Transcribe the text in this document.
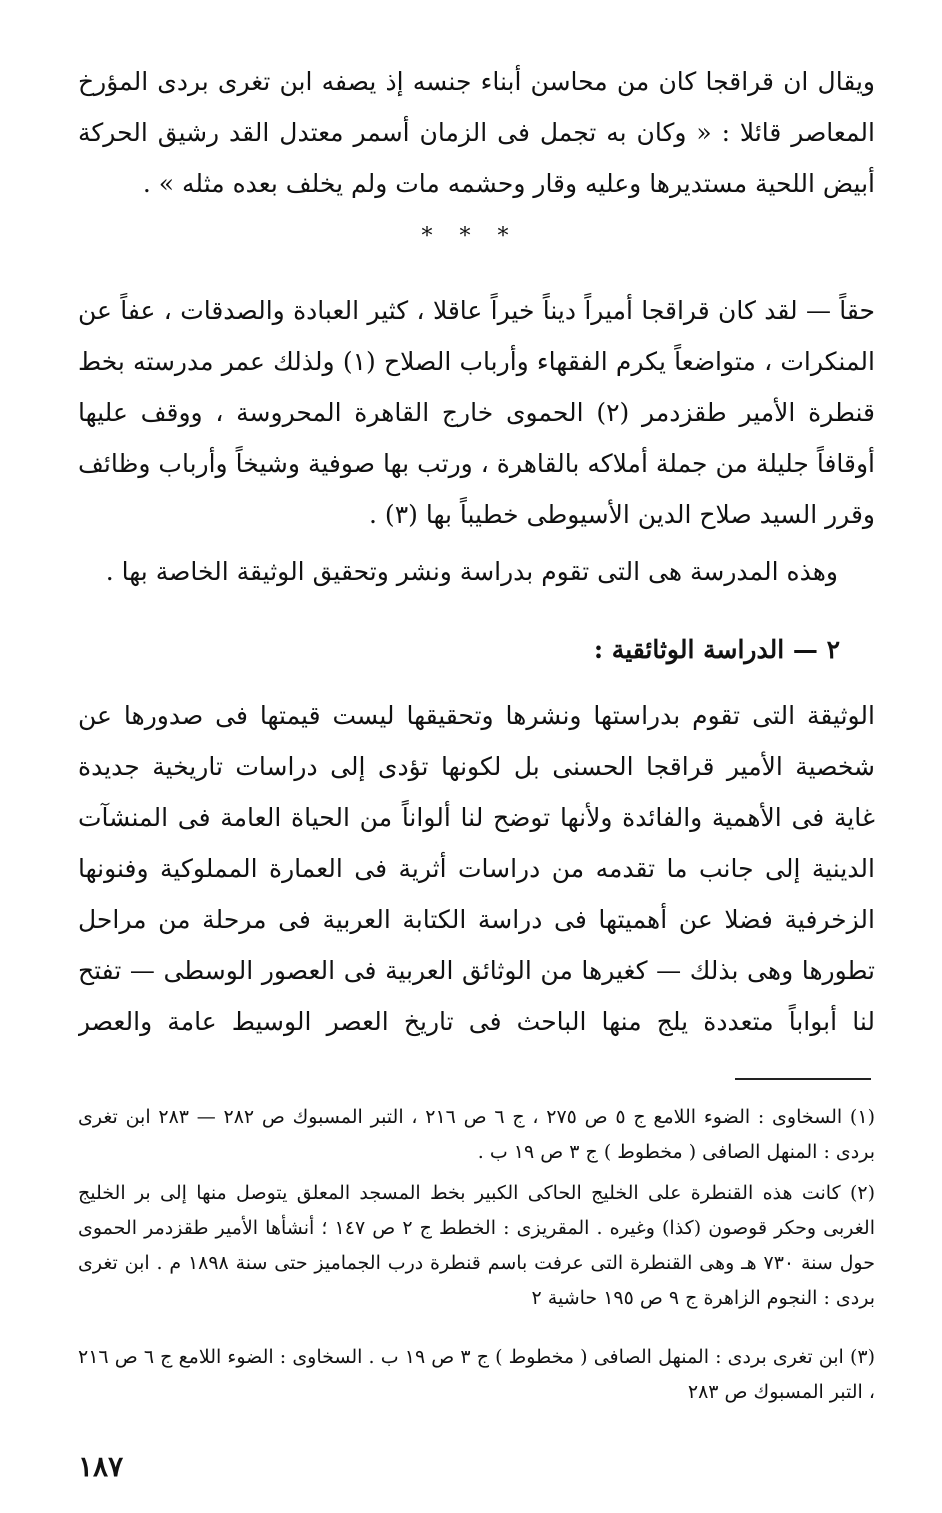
ويقال ان قراقجا كان من محاسن أبناء جنسه إذ يصفه ابن تغرى بردى المؤرخ المعاصر قائلا : « وكان به تجمل فى الزمان أسمر معتدل القد رشيق الحركة أبيض اللحية مستديرها وعليه وقار وحشمه مات ولم يخلف بعده مثله » .

* * *

حقاً — لقد كان قراقجا أميراً ديناً خيراً عاقلا ، كثير العبادة والصدقات ، عفاً عن المنكرات ، متواضعاً يكرم الفقهاء وأرباب الصلاح (١) ولذلك عمر مدرسته بخط قنطرة الأمير طقزدمر (٢) الحموى خارج القاهرة المحروسة ، ووقف عليها أوقافاً جليلة من جملة أملاكه بالقاهرة ، ورتب بها صوفية وشيخاً وأرباب وظائف وقرر السيد صلاح الدين الأسيوطى خطيباً بها (٣) .

وهذه المدرسة هى التى تقوم بدراسة ونشر وتحقيق الوثيقة الخاصة بها .

٢ — الدراسة الوثائقية :

الوثيقة التى تقوم بدراستها ونشرها وتحقيقها ليست قيمتها فى صدورها عن شخصية الأمير قراقجا الحسنى بل لكونها تؤدى إلى دراسات تاريخية جديدة غاية فى الأهمية والفائدة ولأنها توضح لنا ألواناً من الحياة العامة فى المنشآت الدينية إلى جانب ما تقدمه من دراسات أثرية فى العمارة المملوكية وفنونها الزخرفية فضلا عن أهميتها فى دراسة الكتابة العربية فى مرحلة من مراحل تطورها وهى بذلك — كغيرها من الوثائق العربية فى العصور الوسطى — تفتح لنا أبواباً متعددة يلج منها الباحث فى تاريخ العصر الوسيط عامة والعصر

(١) السخاوى : الضوء اللامع ج ٥ ص ٢٧٥ ، ج ٦ ص ٢١٦ ، التبر المسبوك ص ٢٨٢ — ٢٨٣ ابن تغرى بردى : المنهل الصافى ( مخطوط ) ج ٣ ص ١٩ ب .

(٢) كانت هذه القنطرة على الخليج الحاكى الكبير بخط المسجد المعلق يتوصل منها إلى بر الخليج الغربى وحكر قوصون (كذا) وغيره . المقريزى : الخطط ج ٢ ص ١٤٧ ؛ أنشأها الأمير طقزدمر الحموى حول سنة ٧٣٠ هـ وهى القنطرة التى عرفت باسم قنطرة درب الجماميز حتى سنة ١٨٩٨ م . ابن تغرى بردى : النجوم الزاهرة ج ٩ ص ١٩٥ حاشية ٢

(٣) ابن تغرى بردى : المنهل الصافى ( مخطوط ) ج ٣ ص ١٩ ب . السخاوى : الضوء اللامع ج ٦ ص ٢١٦ ، التبر المسبوك ص ٢٨٣

١٨٧
